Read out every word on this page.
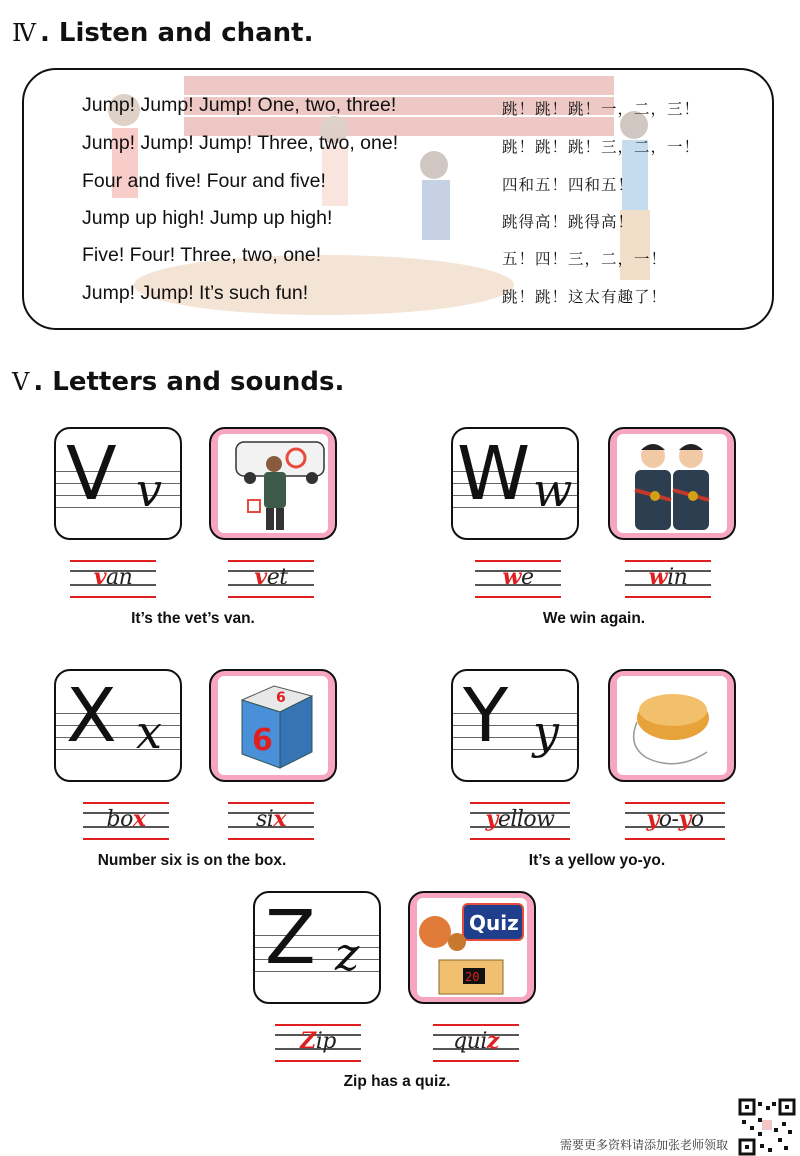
Ⅳ . Listen and chant.
Jump! Jump! Jump! One, two, three!
Jump! Jump! Jump! Three, two, one!
Four and five! Four and five!
Jump up high! Jump up high!
Five! Four! Three, two, one!
Jump! Jump! It’s such fun!
跳！跳！跳！一，二，三！
跳！跳！跳！三，二，一！
四和五！四和五！
跳得高！跳得高！
五！四！三，二，一！
跳！跳！这太有趣了！
Ⅴ . Letters and sounds.
V v
van	vet
It’s the vet’s van.
W w
we	win
We win again.
X x
6
6
box	six
Number six is on the box.
Y y
yellow	yo-yo
It’s a yellow yo-yo.
Z z
Quiz
20
Zip	quiz
Zip has a quiz.
需要更多资料请添加张老师领取
